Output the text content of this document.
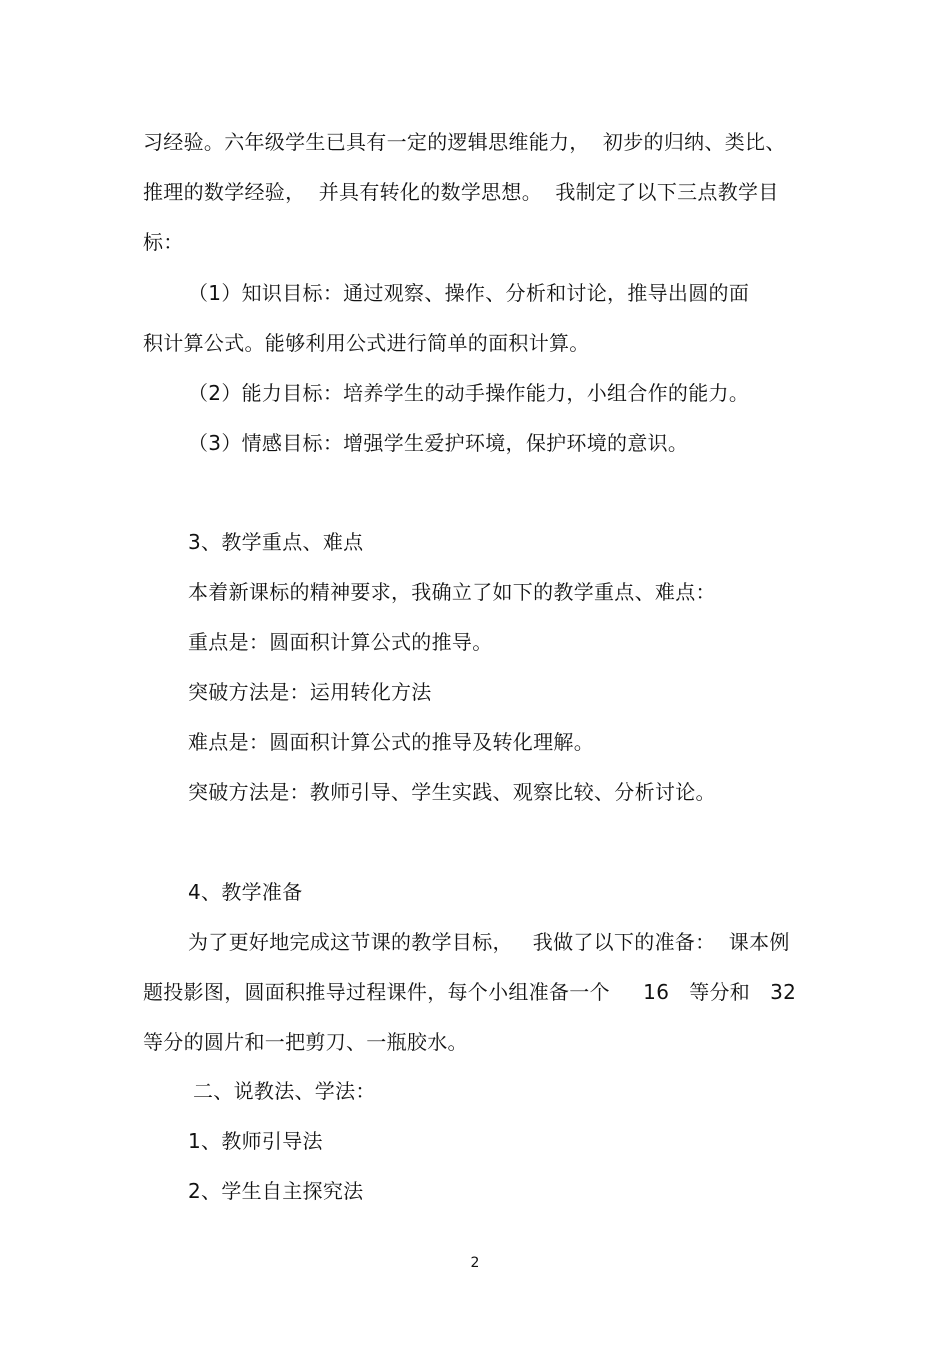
习经验。六年级学生已具有一定的逻辑思维能力，  初步的归纳、类比、
推理的数学经验，  并具有转化的数学思想。  我制定了以下三点教学目
标：
（1）知识目标：通过观察、操作、分析和讨论，推导出圆的面
积计算公式。能够利用公式进行简单的面积计算。
（2）能力目标：培养学生的动手操作能力，小组合作的能力。
（3）情感目标：增强学生爱护环境，保护环境的意识。
3、教学重点、难点
本着新课标的精神要求，我确立了如下的教学重点、难点：
重点是：圆面积计算公式的推导。
突破方法是：运用转化方法
难点是：圆面积计算公式的推导及转化理解。
突破方法是：教师引导、学生实践、观察比较、分析讨论。
4、教学准备
为了更好地完成这节课的教学目标，   我做了以下的准备：  课本例
题投影图，圆面积推导过程课件，每个小组准备一个     16   等分和   32
等分的圆片和一把剪刀、一瓶胶水。
二、说教法、学法：
1、教师引导法
2、学生自主探究法
2
